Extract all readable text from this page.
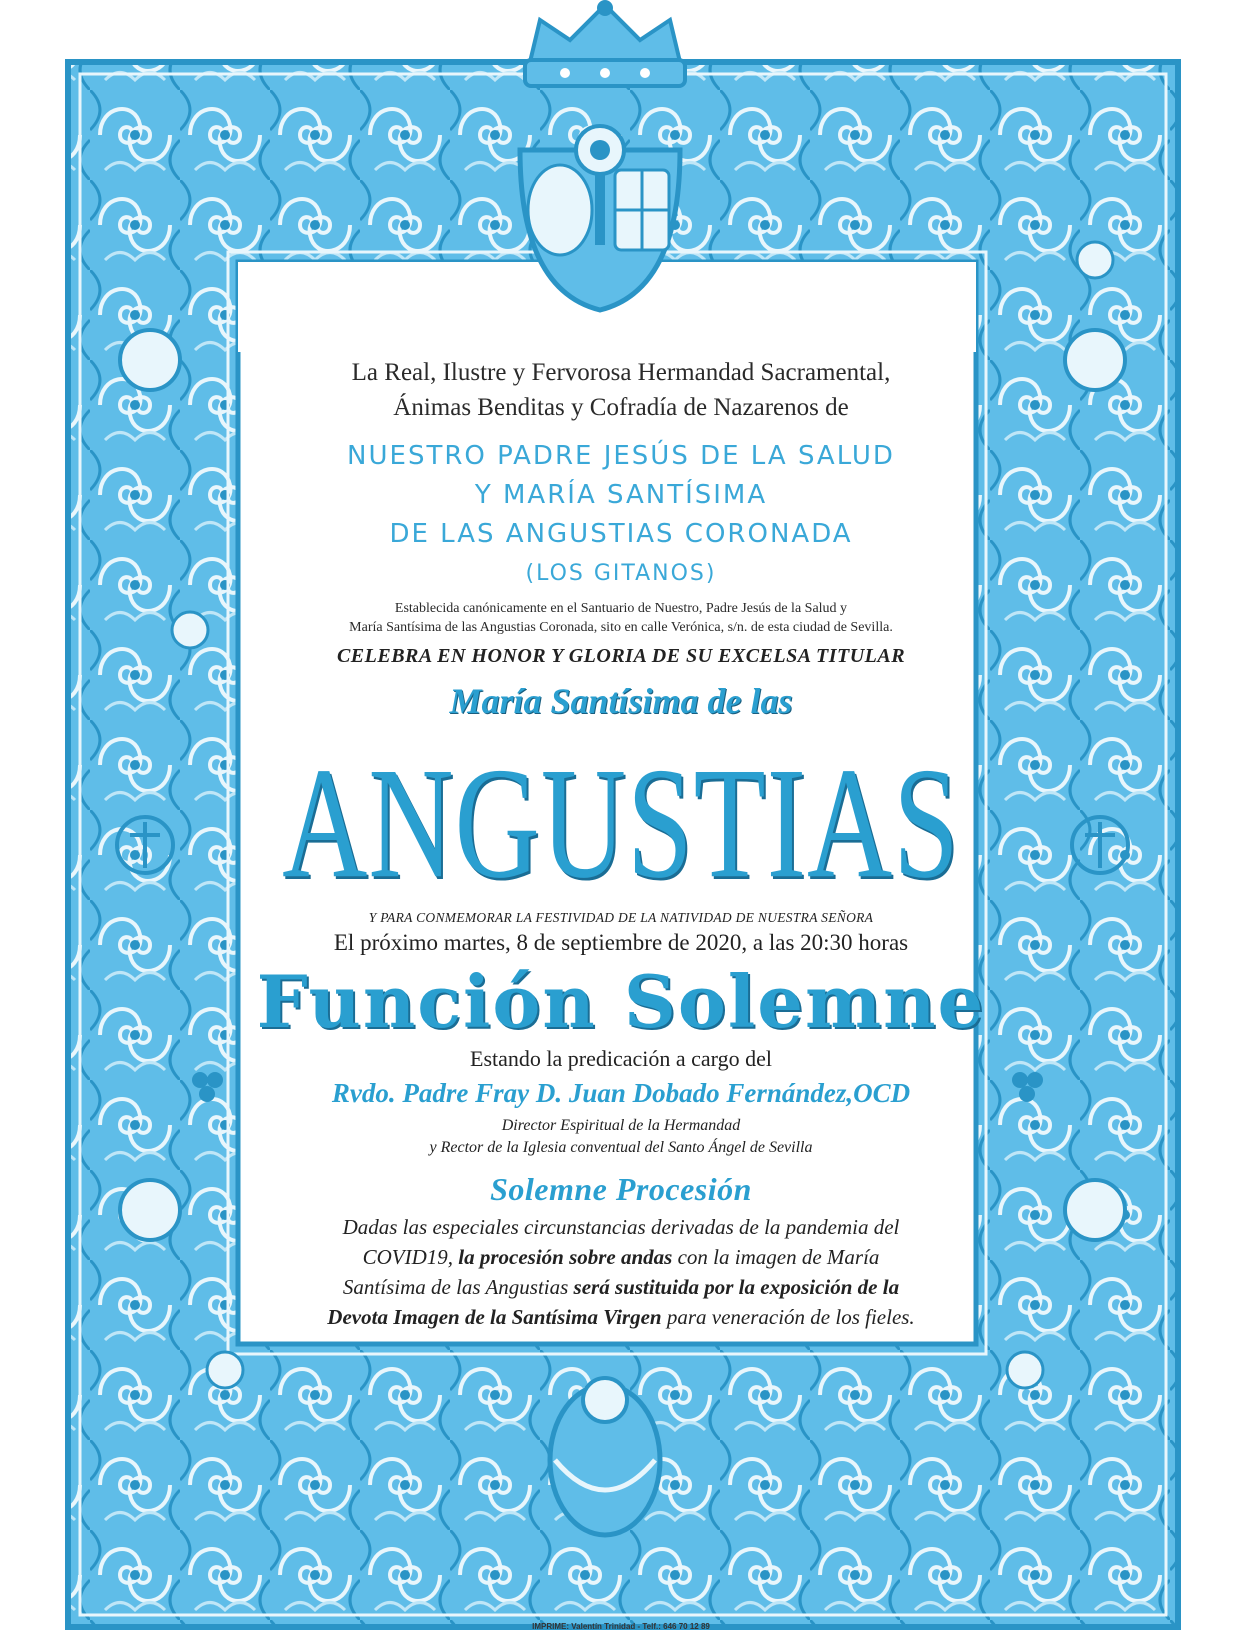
La Real, Ilustre y Fervorosa Hermandad Sacramental,

Ánimas Benditas y Cofradía de Nazarenos de

NUESTRO PADRE JESÚS DE LA SALUD

Y MARÍA SANTÍSIMA

DE LAS ANGUSTIAS CORONADA

(LOS GITANOS)

Establecida canónicamente en el Santuario de Nuestro, Padre Jesús de la Salud y

María Santísima de las Angustias Coronada, sito en calle Verónica, s/n. de esta ciudad de Sevilla.

CELEBRA EN HONOR Y GLORIA DE SU EXCELSA TITULAR

María Santísima de las

ANGUSTIAS

Y PARA CONMEMORAR LA FESTIVIDAD DE LA NATIVIDAD DE NUESTRA SEÑORA

El próximo martes, 8 de septiembre de 2020, a las 20:30 horas

Función Solemne

Estando la predicación a cargo del

Rvdo. Padre Fray D. Juan Dobado Fernández,OCD

Director Espiritual de la Hermandad

y Rector de la Iglesia conventual del Santo Ángel de Sevilla

Solemne Procesión

Dadas las especiales circunstancias derivadas de la pandemia del

COVID19, la procesión sobre andas con la imagen de María

Santísima de las Angustias será sustituida por la exposición de la

Devota Imagen de la Santísima Virgen para veneración de los fieles.

IMPRIME: Valentín Trinidad - Telf.: 646 70 12 89
